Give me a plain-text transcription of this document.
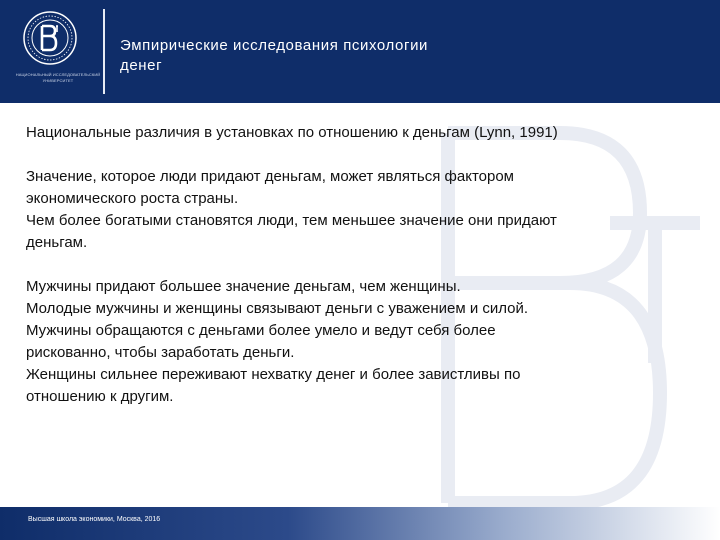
НАЦИОНАЛЬНЫЙ ИССЛЕДОВАТЕЛЬСКИЙ
УНИВЕРСИТЕТ
Эмпирические исследования психологии
денег
Национальные различия в установках по отношению к деньгам (Lynn, 1991)
Значение, которое люди придают деньгам, может являться фактором
экономического роста страны.
Чем более богатыми становятся люди, тем меньшее значение они придают
деньгам.
Мужчины придают большее значение деньгам, чем женщины.
Молодые мужчины и женщины связывают деньги с уважением и силой.
Мужчины обращаются с деньгами более умело и ведут себя более
рискованно, чтобы заработать деньги.
Женщины сильнее переживают нехватку денег и более завистливы по
отношению к другим.
Высшая школа экономики, Москва, 2016
